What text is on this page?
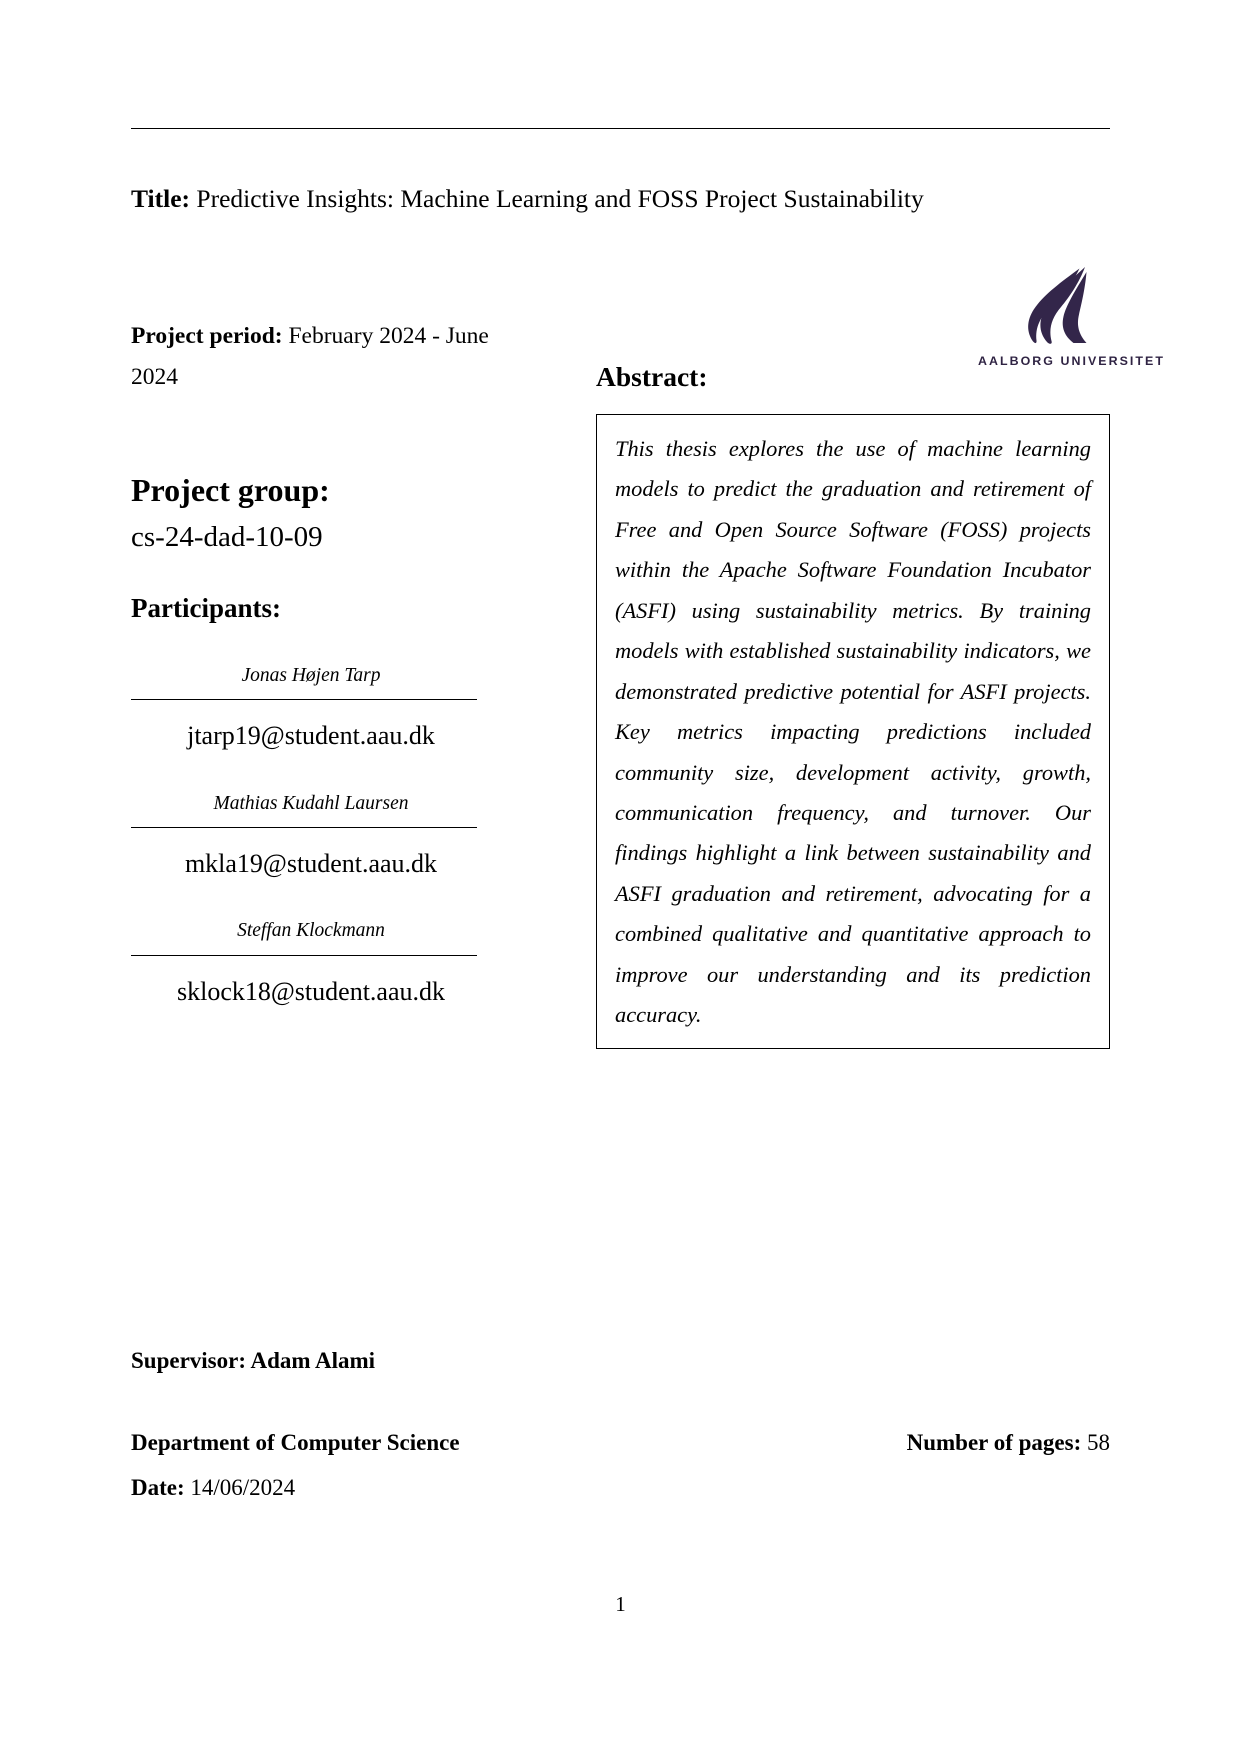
Title: Predictive Insights: Machine Learning and FOSS Project Sustainability
AALBORG UNIVERSITET

Project period: February 2024 - June 2024

Project group:
cs-24-dad-10-09
Participants:
Jonas Højen Tarp
jtarp19@student.aau.dk
Mathias Kudahl Laursen
mkla19@student.aau.dk
Steffan Klockmann
sklock18@student.aau.dk
Abstract:

This thesis explores the use of machine learning models to predict the graduation and retirement of Free and Open Source Software (FOSS) projects within the Apache Software Foundation Incubator (ASFI) using sustainability metrics. By training models with established sustainability indicators, we demonstrated predictive potential for ASFI projects. Key metrics impacting predictions included community size, development activity, growth, communication frequency, and turnover. Our findings highlight a link between sustainability and ASFI graduation and retirement, advocating for a combined qualitative and quantitative approach to improve our understanding and its prediction accuracy.

Supervisor: Adam Alami
Department of Computer Science
Date: 14/06/2024
Number of pages: 58
1
